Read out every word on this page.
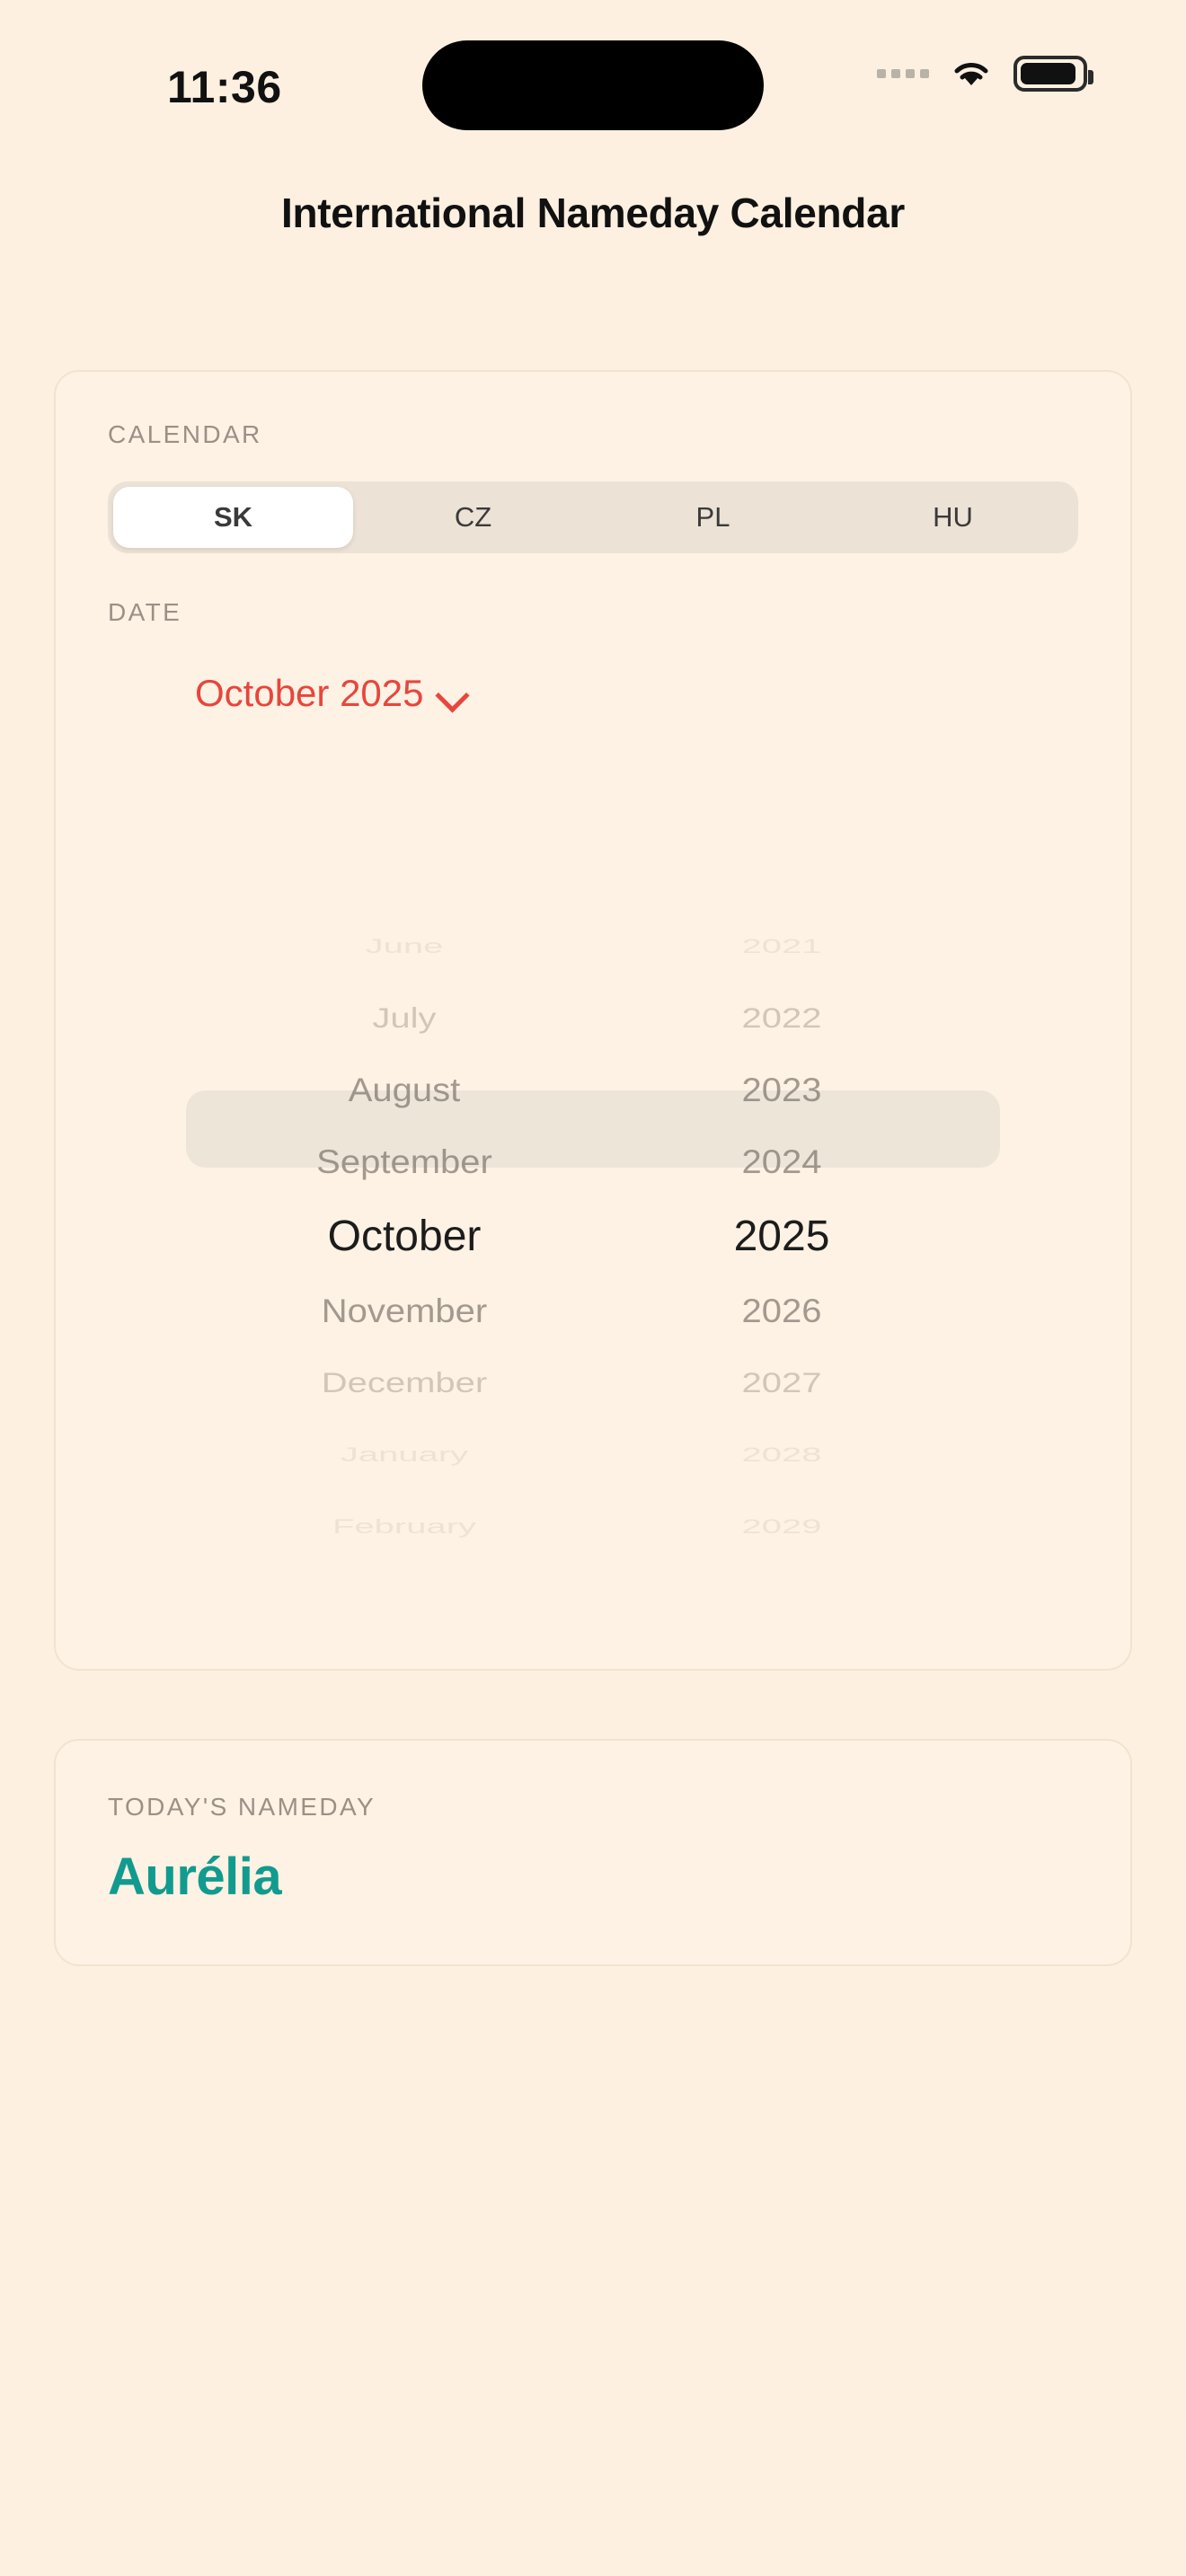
11:36
International Nameday Calendar
CALENDAR
SK	CZ	PL	HU
DATE
October 2025
June
July
August
September
October
November
December
January
February
2021
2022
2023
2024
2025
2026
2027
2028
2029
TODAY'S NAMEDAY
Aurélia
